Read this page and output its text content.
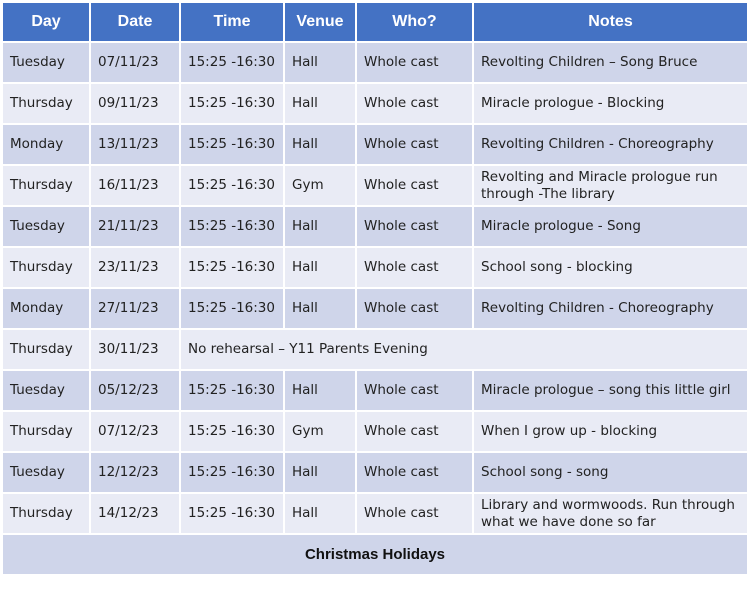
Day	Date	Time	Venue	Who?	Notes
Tuesday	07/11/23	15:25 -16:30	Hall	Whole cast	Revolting Children – Song Bruce
Thursday	09/11/23	15:25 -16:30	Hall	Whole cast	Miracle prologue - Blocking
Monday	13/11/23	15:25 -16:30	Hall	Whole cast	Revolting Children - Choreography
Thursday	16/11/23	15:25 -16:30	Gym	Whole cast	Revolting and Miracle prologue run through -The library
Tuesday	21/11/23	15:25 -16:30	Hall	Whole cast	Miracle prologue - Song
Thursday	23/11/23	15:25 -16:30	Hall	Whole cast	School song - blocking
Monday	27/11/23	15:25 -16:30	Hall	Whole cast	Revolting Children - Choreography
Thursday	30/11/23	No rehearsal – Y11 Parents Evening			
Tuesday	05/12/23	15:25 -16:30	Hall	Whole cast	Miracle prologue – song this little girl
Thursday	07/12/23	15:25 -16:30	Gym	Whole cast	When I grow up - blocking
Tuesday	12/12/23	15:25 -16:30	Hall	Whole cast	School song - song
Thursday	14/12/23	15:25 -16:30	Hall	Whole cast	Library and wormwoods. Run through what we have done so far
Christmas Holidays					
